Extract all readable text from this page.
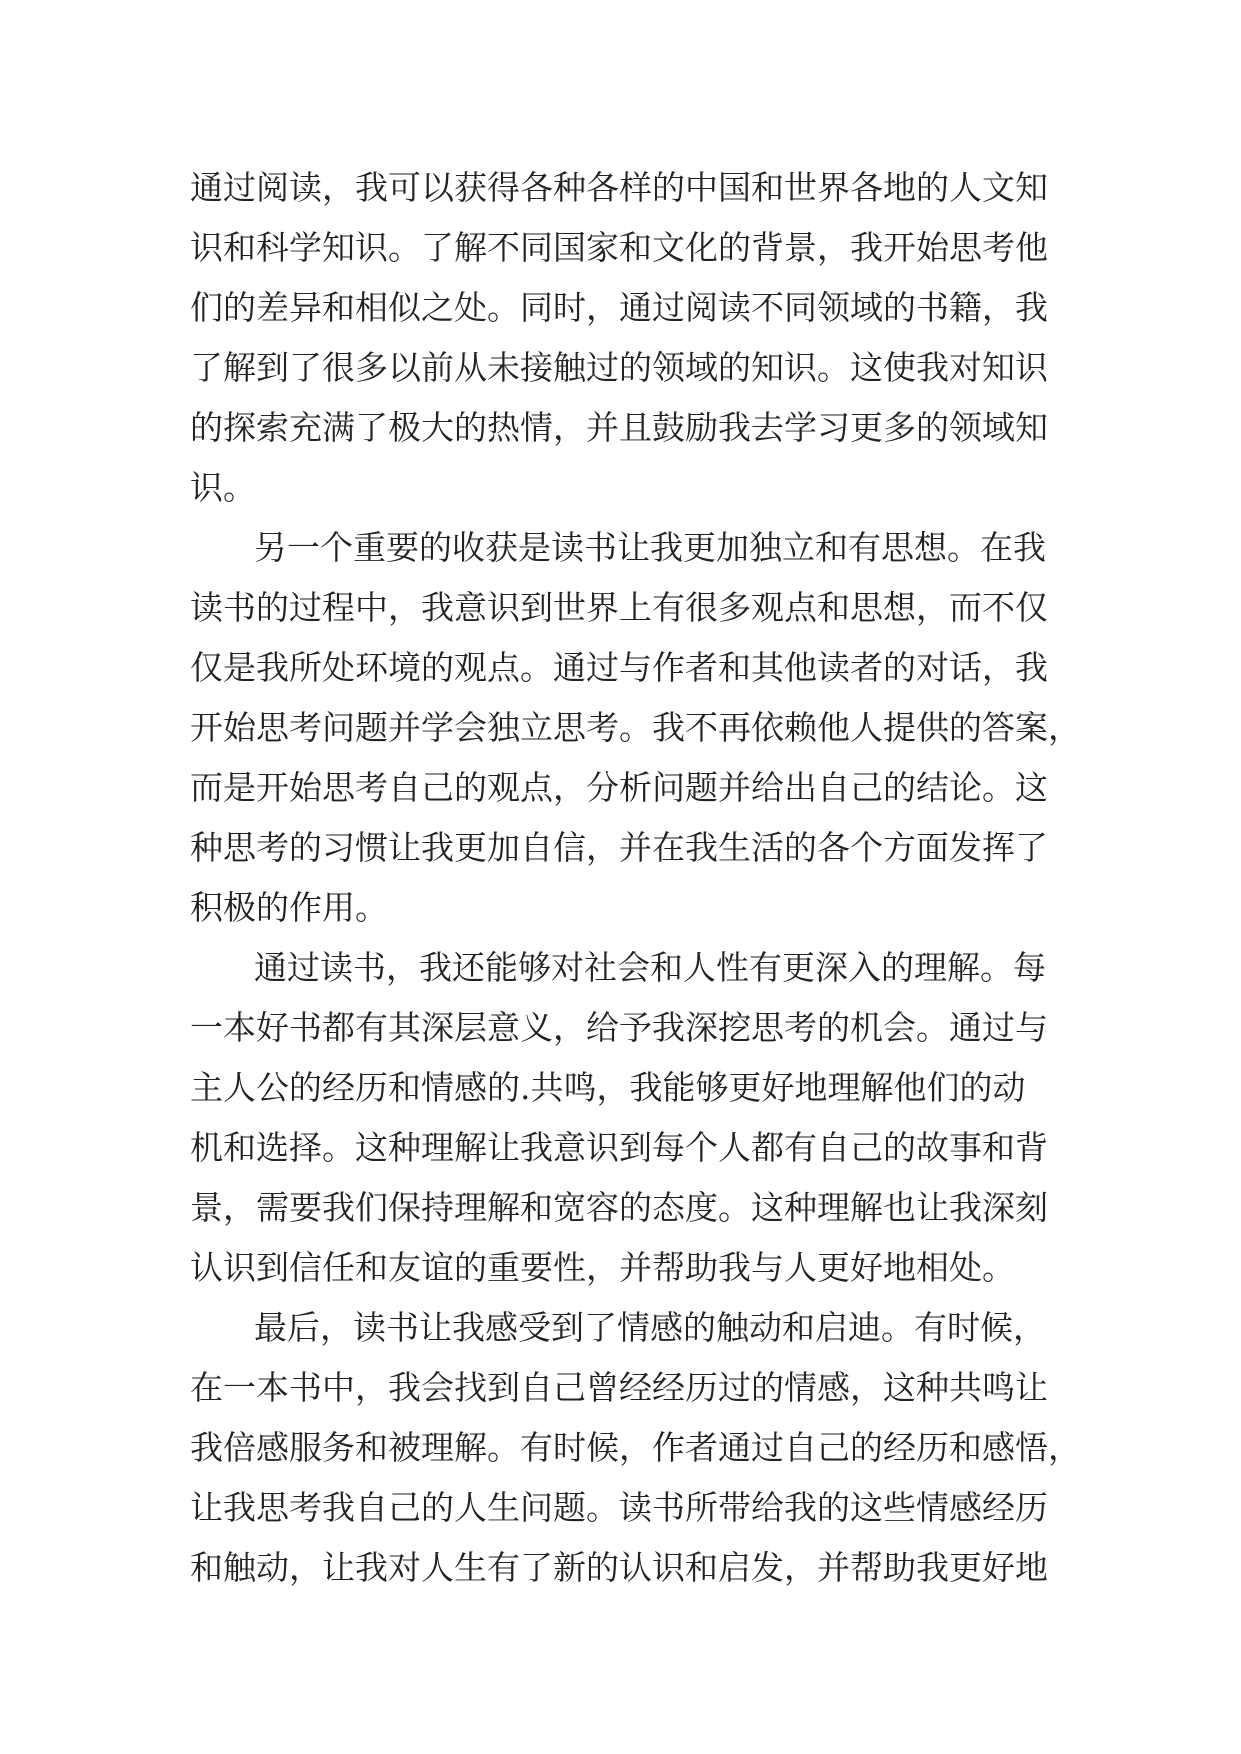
通过阅读，我可以获得各种各样的中国和世界各地的人文知
识和科学知识。了解不同国家和文化的背景，我开始思考他
们的差异和相似之处。同时，通过阅读不同领域的书籍，我
了解到了很多以前从未接触过的领域的知识。这使我对知识
的探索充满了极大的热情，并且鼓励我去学习更多的领域知
识。
另一个重要的收获是读书让我更加独立和有思想。在我
读书的过程中，我意识到世界上有很多观点和思想，而不仅
仅是我所处环境的观点。通过与作者和其他读者的对话，我
开始思考问题并学会独立思考。我不再依赖他人提供的答案，
而是开始思考自己的观点，分析问题并给出自己的结论。这
种思考的习惯让我更加自信，并在我生活的各个方面发挥了
积极的作用。
通过读书，我还能够对社会和人性有更深入的理解。每
一本好书都有其深层意义，给予我深挖思考的机会。通过与
主人公的经历和情感的.共鸣，我能够更好地理解他们的动
机和选择。这种理解让我意识到每个人都有自己的故事和背
景，需要我们保持理解和宽容的态度。这种理解也让我深刻
认识到信任和友谊的重要性，并帮助我与人更好地相处。
最后，读书让我感受到了情感的触动和启迪。有时候，
在一本书中，我会找到自己曾经经历过的情感，这种共鸣让
我倍感服务和被理解。有时候，作者通过自己的经历和感悟，
让我思考我自己的人生问题。读书所带给我的这些情感经历
和触动，让我对人生有了新的认识和启发，并帮助我更好地
